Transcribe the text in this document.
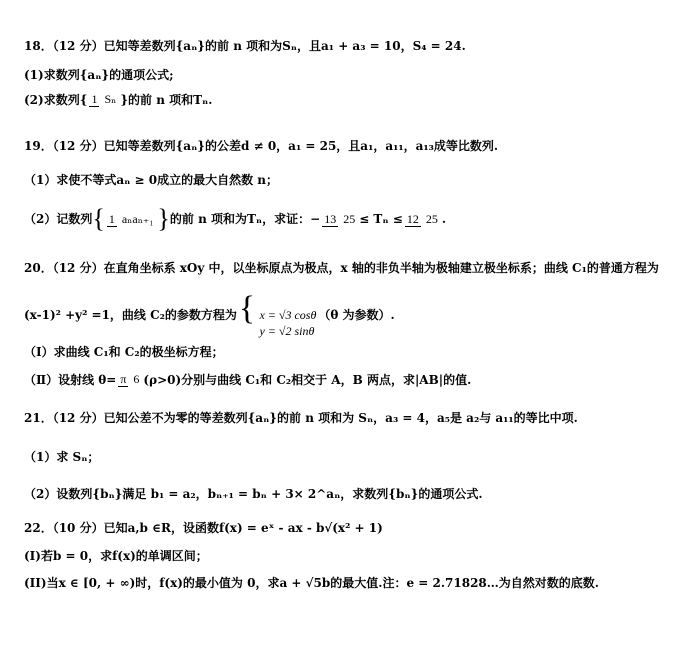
18．（12 分）已知等差数列{aₙ}的前 n 项和为Sₙ，且a₁ + a₃ = 10，S₄ = 24.
(1)求数列{aₙ}的通项公式;
(2)求数列{ 1 Sₙ }的前 n 项和Tₙ.
19．（12 分）已知等差数列{aₙ}的公差d ≠ 0，a₁ = 25，且a₁，a₁₁，a₁₃成等比数列.
（1）求使不等式aₙ ≥ 0成立的最大自然数 n；
（2）记数列 { 1 aₙaₙ₊₁ } 的前 n 项和为Tₙ，求证：− 13 25 ≤ Tₙ ≤ 12 25 .
20．（12 分）在直角坐标系 xOy 中，以坐标原点为极点，x 轴的非负半轴为极轴建立极坐标系；曲线 C₁的普通方程为
(x-1)² +y² =1，曲线 C₂的参数方程为 { x = √3 cosθ
y = √2 sinθ
（θ 为参数）.
（Ⅰ）求曲线 C₁和 C₂的极坐标方程；
（Ⅱ）设射线 θ= π 6 (ρ>0)分别与曲线 C₁和 C₂相交于 A，B 两点，求|AB|的值.
21．（12 分）已知公差不为零的等差数列{aₙ}的前 n 项和为 Sₙ，a₃ = 4，a₅是 a₂与 a₁₁的等比中项.
（1）求 Sₙ；
（2）设数列{bₙ}满足 b₁ = a₂，bₙ₊₁ = bₙ + 3× 2^aₙ，求数列{bₙ}的通项公式.
22．（10 分）已知a,b ∈R，设函数f(x) = eˣ - ax - b√(x² + 1)
(I)若b = 0，求f(x)的单调区间；
(II)当x ∈ [0, + ∞)时，f(x)的最小值为 0，求a + √5b的最大值.注：e = 2.71828…为自然对数的底数.
